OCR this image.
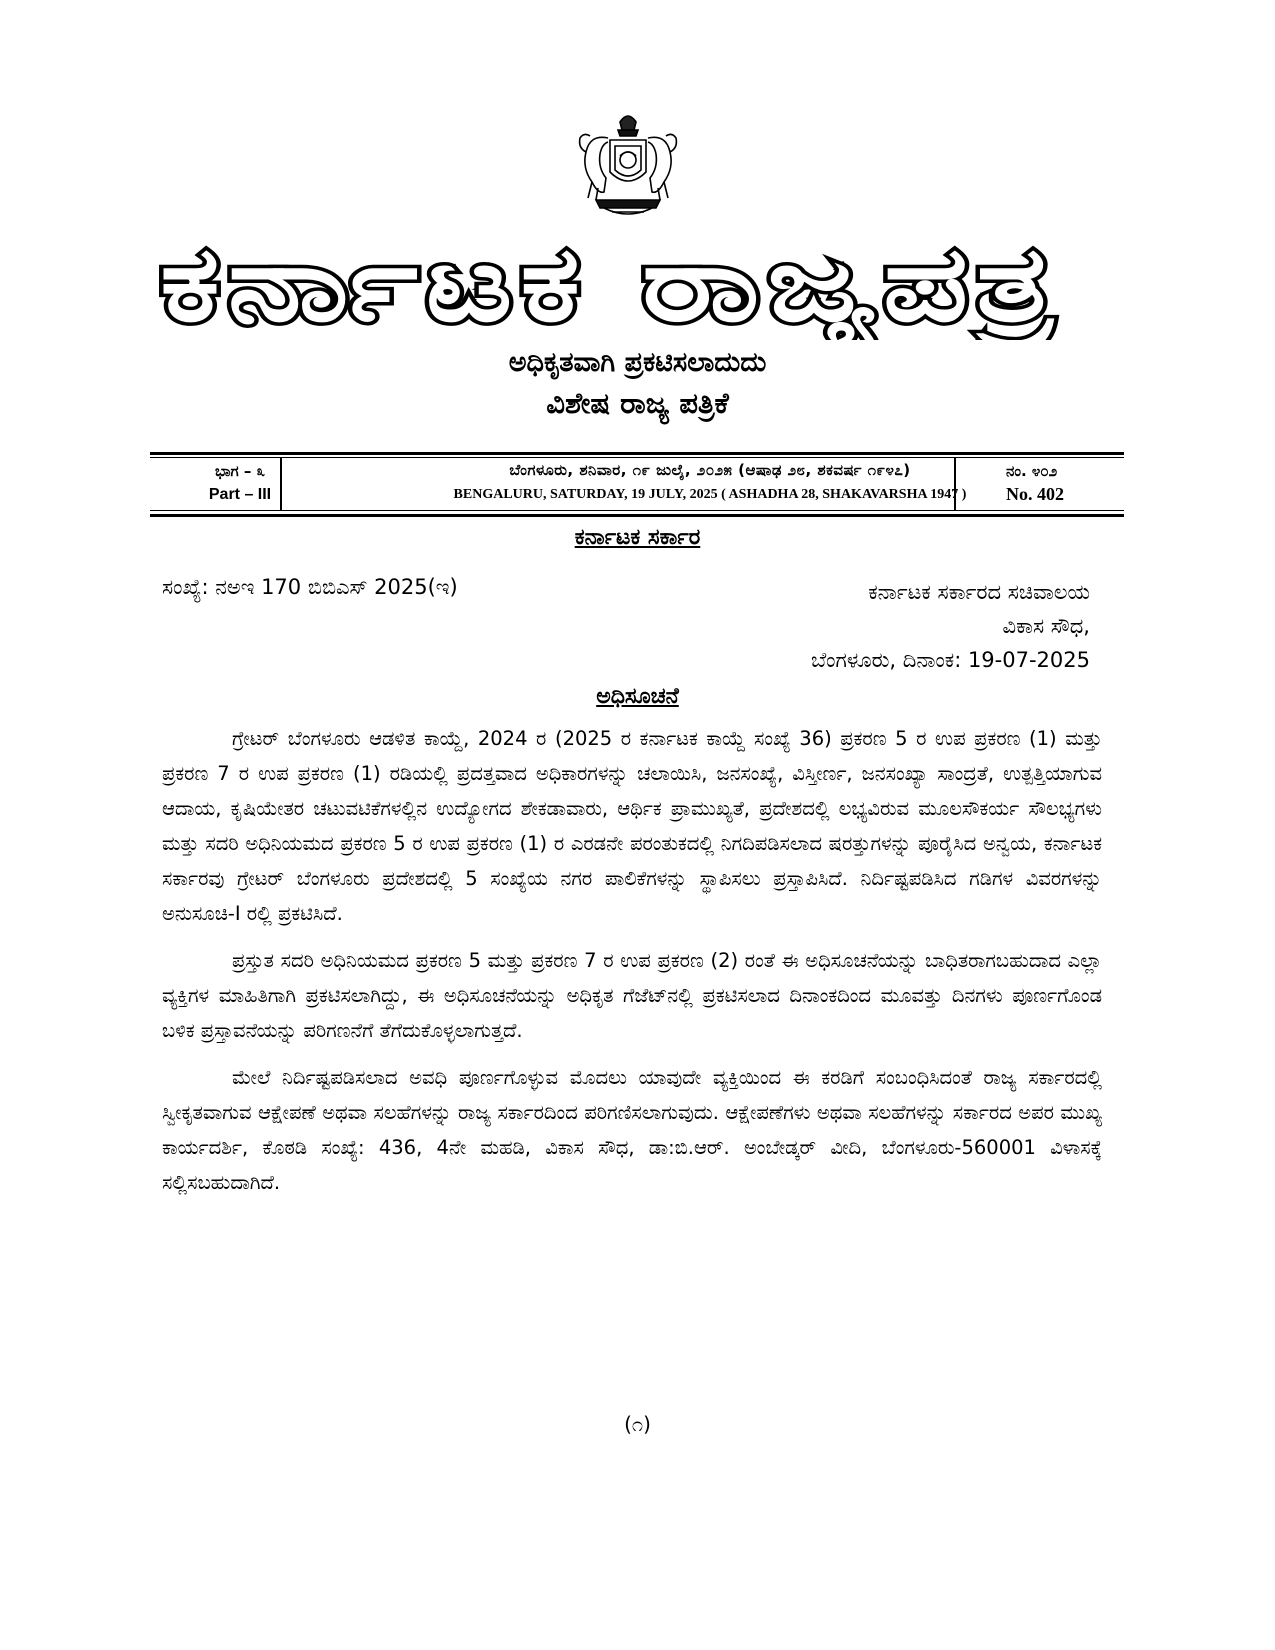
ಕರ್ನಾಟಕ ರಾಜ್ಯಪತ್ರ
ಅಧಿಕೃತವಾಗಿ ಪ್ರಕಟಿಸಲಾದುದು
ವಿಶೇಷ ರಾಜ್ಯ ಪತ್ರಿಕೆ
ಭಾಗ – ೩
Part – III
ಬೆಂಗಳೂರು, ಶನಿವಾರ, ೧೯ ಜುಲೈ, ೨೦೨೫ (ಆಷಾಢ ೨೮, ಶಕವರ್ಷ ೧೯೪೭)
BENGALURU, SATURDAY, 19 JULY, 2025 ( ASHADHA 28, SHAKAVARSHA 1947 )
ನಂ. ೪೦೨
No. 402
ಕರ್ನಾಟಕ ಸರ್ಕಾರ
ಸಂಖ್ಯೆ: ನಅಇ 170 ಬಿಬಿಎಸ್ 2025(ಇ)	ಕರ್ನಾಟಕ ಸರ್ಕಾರದ ಸಚಿವಾಲಯ
ವಿಕಾಸ ಸೌಧ,
ಬೆಂಗಳೂರು, ದಿನಾಂಕ: 19-07-2025
ಅಧಿಸೂಚನೆ

ಗ್ರೇಟರ್ ಬೆಂಗಳೂರು ಆಡಳಿತ ಕಾಯ್ದೆ, 2024 ರ (2025 ರ ಕರ್ನಾಟಕ ಕಾಯ್ದೆ ಸಂಖ್ಯೆ 36) ಪ್ರಕರಣ 5 ರ ಉಪ ಪ್ರಕರಣ (1) ಮತ್ತು ಪ್ರಕರಣ 7 ರ ಉಪ ಪ್ರಕರಣ (1) ರಡಿಯಲ್ಲಿ ಪ್ರದತ್ತವಾದ ಅಧಿಕಾರಗಳನ್ನು ಚಲಾಯಿಸಿ, ಜನಸಂಖ್ಯೆ, ವಿಸ್ತೀರ್ಣ, ಜನಸಂಖ್ಯಾ ಸಾಂದ್ರತೆ, ಉತ್ಪತ್ತಿಯಾಗುವ ಆದಾಯ, ಕೃಷಿಯೇತರ ಚಟುವಟಿಕೆಗಳಲ್ಲಿನ ಉದ್ಯೋಗದ ಶೇಕಡಾವಾರು, ಆರ್ಥಿಕ ಪ್ರಾಮುಖ್ಯತೆ, ಪ್ರದೇಶದಲ್ಲಿ ಲಭ್ಯವಿರುವ ಮೂಲಸೌಕರ್ಯ ಸೌಲಭ್ಯಗಳು ಮತ್ತು ಸದರಿ ಅಧಿನಿಯಮದ ಪ್ರಕರಣ 5 ರ ಉಪ ಪ್ರಕರಣ (1) ರ ಎರಡನೇ ಪರಂತುಕದಲ್ಲಿ ನಿಗದಿಪಡಿಸಲಾದ ಷರತ್ತುಗಳನ್ನು ಪೂರೈಸಿದ ಅನ್ವಯ, ಕರ್ನಾಟಕ ಸರ್ಕಾರವು ಗ್ರೇಟರ್ ಬೆಂಗಳೂರು ಪ್ರದೇಶದಲ್ಲಿ 5 ಸಂಖ್ಯೆಯ ನಗರ ಪಾಲಿಕೆಗಳನ್ನು ಸ್ಥಾಪಿಸಲು ಪ್ರಸ್ತಾಪಿಸಿದೆ. ನಿರ್ದಿಷ್ಟಪಡಿಸಿದ ಗಡಿಗಳ ವಿವರಗಳನ್ನು ಅನುಸೂಚಿ-I ರಲ್ಲಿ ಪ್ರಕಟಿಸಿದೆ.

ಪ್ರಸ್ತುತ ಸದರಿ ಅಧಿನಿಯಮದ ಪ್ರಕರಣ 5 ಮತ್ತು ಪ್ರಕರಣ 7 ರ ಉಪ ಪ್ರಕರಣ (2) ರಂತೆ ಈ ಅಧಿಸೂಚನೆಯನ್ನು ಬಾಧಿತರಾಗಬಹುದಾದ ಎಲ್ಲಾ ವ್ಯಕ್ತಿಗಳ ಮಾಹಿತಿಗಾಗಿ ಪ್ರಕಟಿಸಲಾಗಿದ್ದು, ಈ ಅಧಿಸೂಚನೆಯನ್ನು ಅಧಿಕೃತ ಗೆಜೆಟ್‌ನಲ್ಲಿ ಪ್ರಕಟಿಸಲಾದ ದಿನಾಂಕದಿಂದ ಮೂವತ್ತು ದಿನಗಳು ಪೂರ್ಣಗೊಂಡ ಬಳಿಕ ಪ್ರಸ್ತಾವನೆಯನ್ನು ಪರಿಗಣನೆಗೆ ತೆಗೆದುಕೊಳ್ಳಲಾಗುತ್ತದೆ.

ಮೇಲೆ ನಿರ್ದಿಷ್ಟಪಡಿಸಲಾದ ಅವಧಿ ಪೂರ್ಣಗೊಳ್ಳುವ ಮೊದಲು ಯಾವುದೇ ವ್ಯಕ್ತಿಯಿಂದ ಈ ಕರಡಿಗೆ ಸಂಬಂಧಿಸಿದಂತೆ ರಾಜ್ಯ ಸರ್ಕಾರದಲ್ಲಿ ಸ್ವೀಕೃತವಾಗುವ ಆಕ್ಷೇಪಣೆ ಅಥವಾ ಸಲಹೆಗಳನ್ನು ರಾಜ್ಯ ಸರ್ಕಾರದಿಂದ ಪರಿಗಣಿಸಲಾಗುವುದು. ಆಕ್ಷೇಪಣೆಗಳು ಅಥವಾ ಸಲಹೆಗಳನ್ನು ಸರ್ಕಾರದ ಅಪರ ಮುಖ್ಯ ಕಾರ್ಯದರ್ಶಿ, ಕೊಠಡಿ ಸಂಖ್ಯೆ: 436, 4ನೇ ಮಹಡಿ, ವಿಕಾಸ ಸೌಧ, ಡಾ:ಬಿ.ಆರ್. ಅಂಬೇಡ್ಕರ್ ವೀದಿ, ಬೆಂಗಳೂರು-560001 ವಿಳಾಸಕ್ಕೆ ಸಲ್ಲಿಸಬಹುದಾಗಿದೆ.

(೧)
